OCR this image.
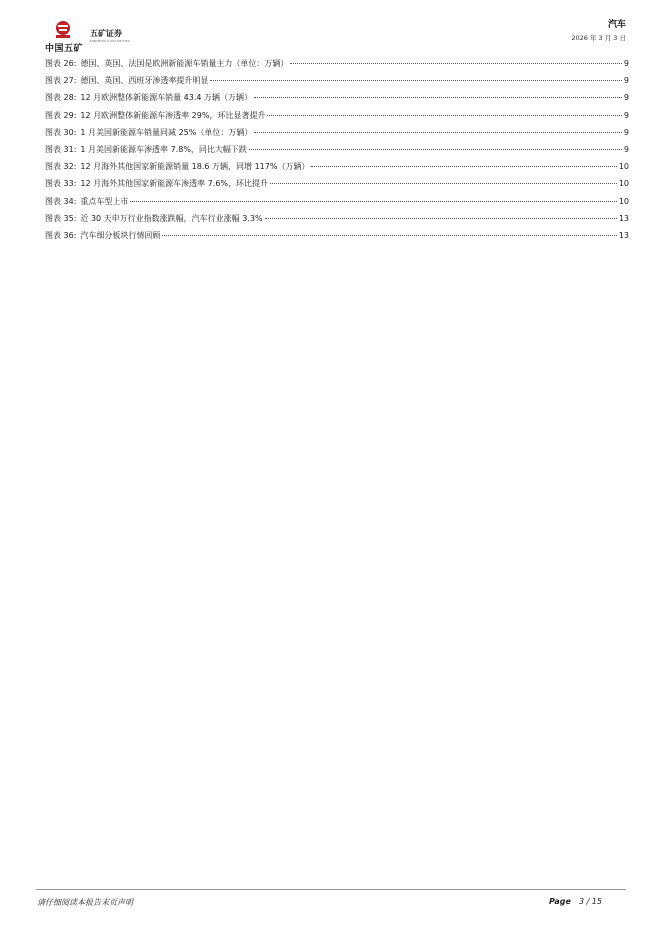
中国五矿
五矿证券
MINMETALS SECURITIES
汽车
2026 年 3 月 3 日
图表 26: 德国、英国、法国是欧洲新能源车销量主力（单位：万辆）	9
图表 27: 德国、英国、西班牙渗透率提升明显	9
图表 28: 12 月欧洲整体新能源车销量 43.4 万辆（万辆）	9
图表 29: 12 月欧洲整体新能源车渗透率 29%，环比显著提升	9
图表 30: 1 月美国新能源车销量同减 25%（单位：万辆）	9
图表 31: 1 月美国新能源车渗透率 7.8%，同比大幅下跌	9
图表 32: 12 月海外其他国家新能源销量 18.6 万辆，同增 117%（万辆）	10
图表 33: 12 月海外其他国家新能源车渗透率 7.6%，环比提升	10
图表 34: 重点车型上市	10
图表 35: 近 30 天申万行业指数涨跌幅，汽车行业涨幅 3.3%	13
图表 36: 汽车细分板块行情回顾	13
请仔细阅读本报告末页声明	Page 3 / 15
